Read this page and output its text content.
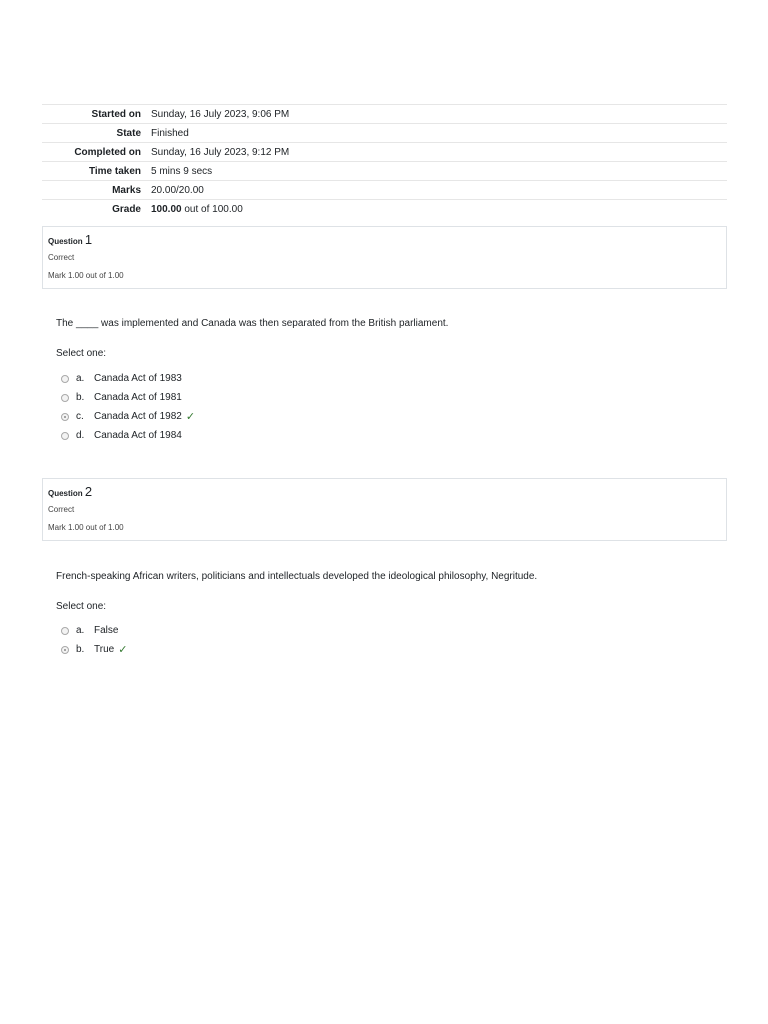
Started on	Sunday, 16 July 2023, 9:06 PM
State	Finished
Completed on	Sunday, 16 July 2023, 9:12 PM
Time taken	5 mins 9 secs
Marks	20.00/20.00
Grade	100.00 out of 100.00
Question 1
Correct
Mark 1.00 out of 1.00
The ____ was implemented and Canada was then separated from the British parliament.
Select one:
a. Canada Act of 1983
b. Canada Act of 1981
c.	Canada Act of 1982 ✓
d. Canada Act of 1984
Question 2
Correct
Mark 1.00 out of 1.00
French-speaking African writers, politicians and intellectuals developed the ideological philosophy, Negritude.
Select one:
a. False
b. True ✓
